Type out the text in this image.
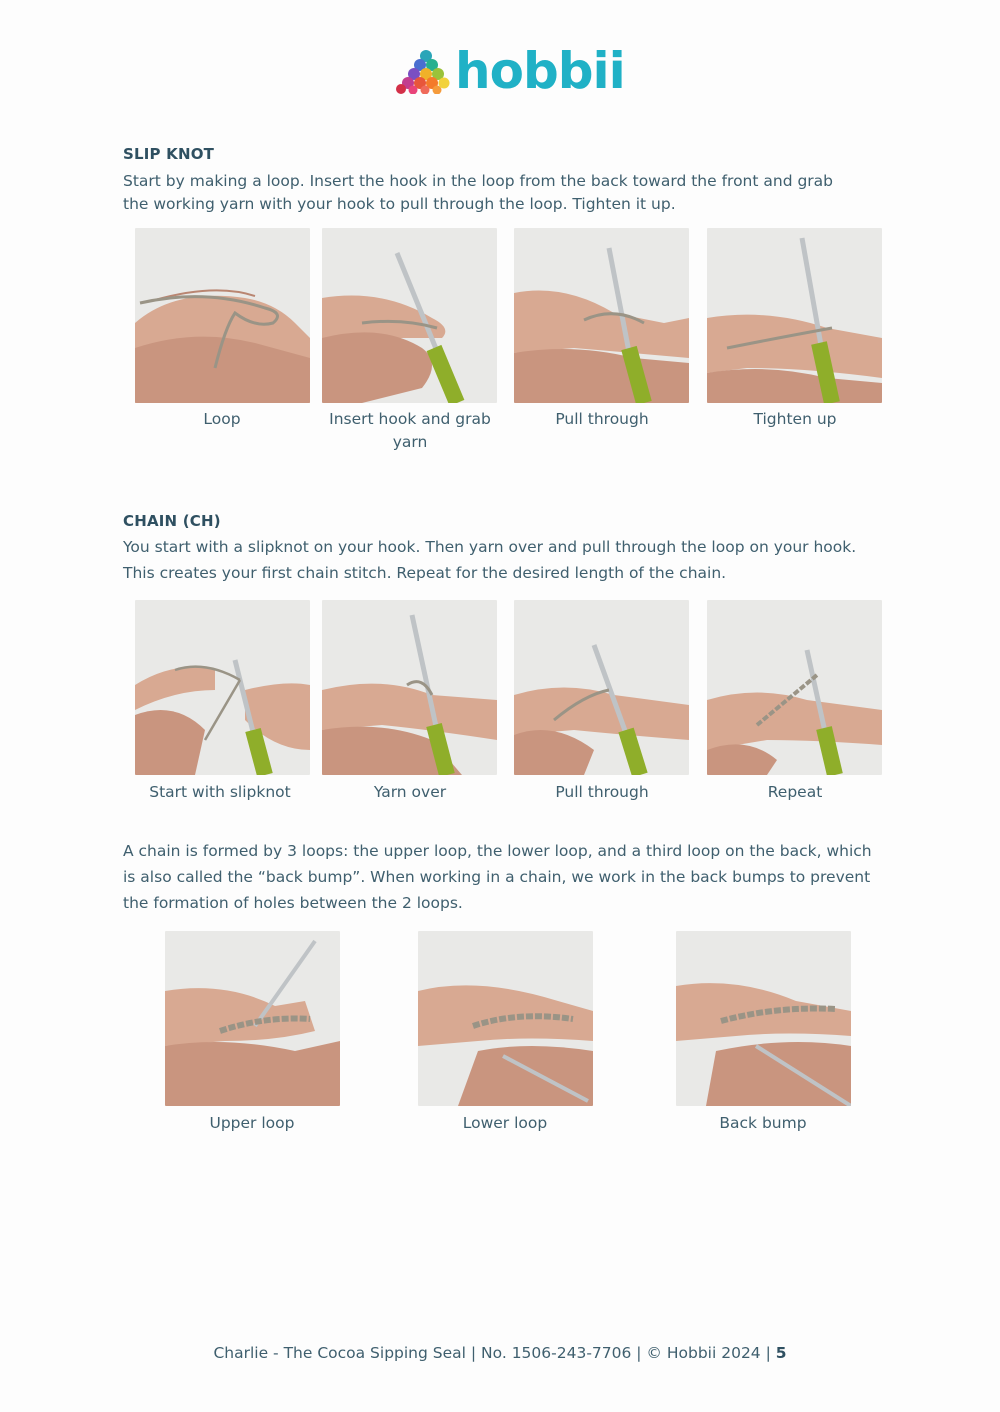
hobbii
SLIP KNOT
Start by making a loop. Insert the hook in the loop from the back toward the front and grab
the working yarn with your hook to pull through the loop. Tighten it up.
Loop	Insert hook and grab
yarn
Pull through	Tighten up
CHAIN (CH)
You start with a slipknot on your hook. Then yarn over and pull through the loop on your hook.
This creates your first chain stitch. Repeat for the desired length of the chain.
Start with slipknot	Yarn over	Pull through	Repeat
A chain is formed by 3 loops: the upper loop, the lower loop, and a third loop on the back, which
is also called the “back bump”. When working in a chain, we work in the back bumps to prevent
the formation of holes between the 2 loops.
Upper loop	Lower loop	Back bump
Charlie - The Cocoa Sipping Seal | No. 1506-243-7706 | © Hobbii 2024 | 5
